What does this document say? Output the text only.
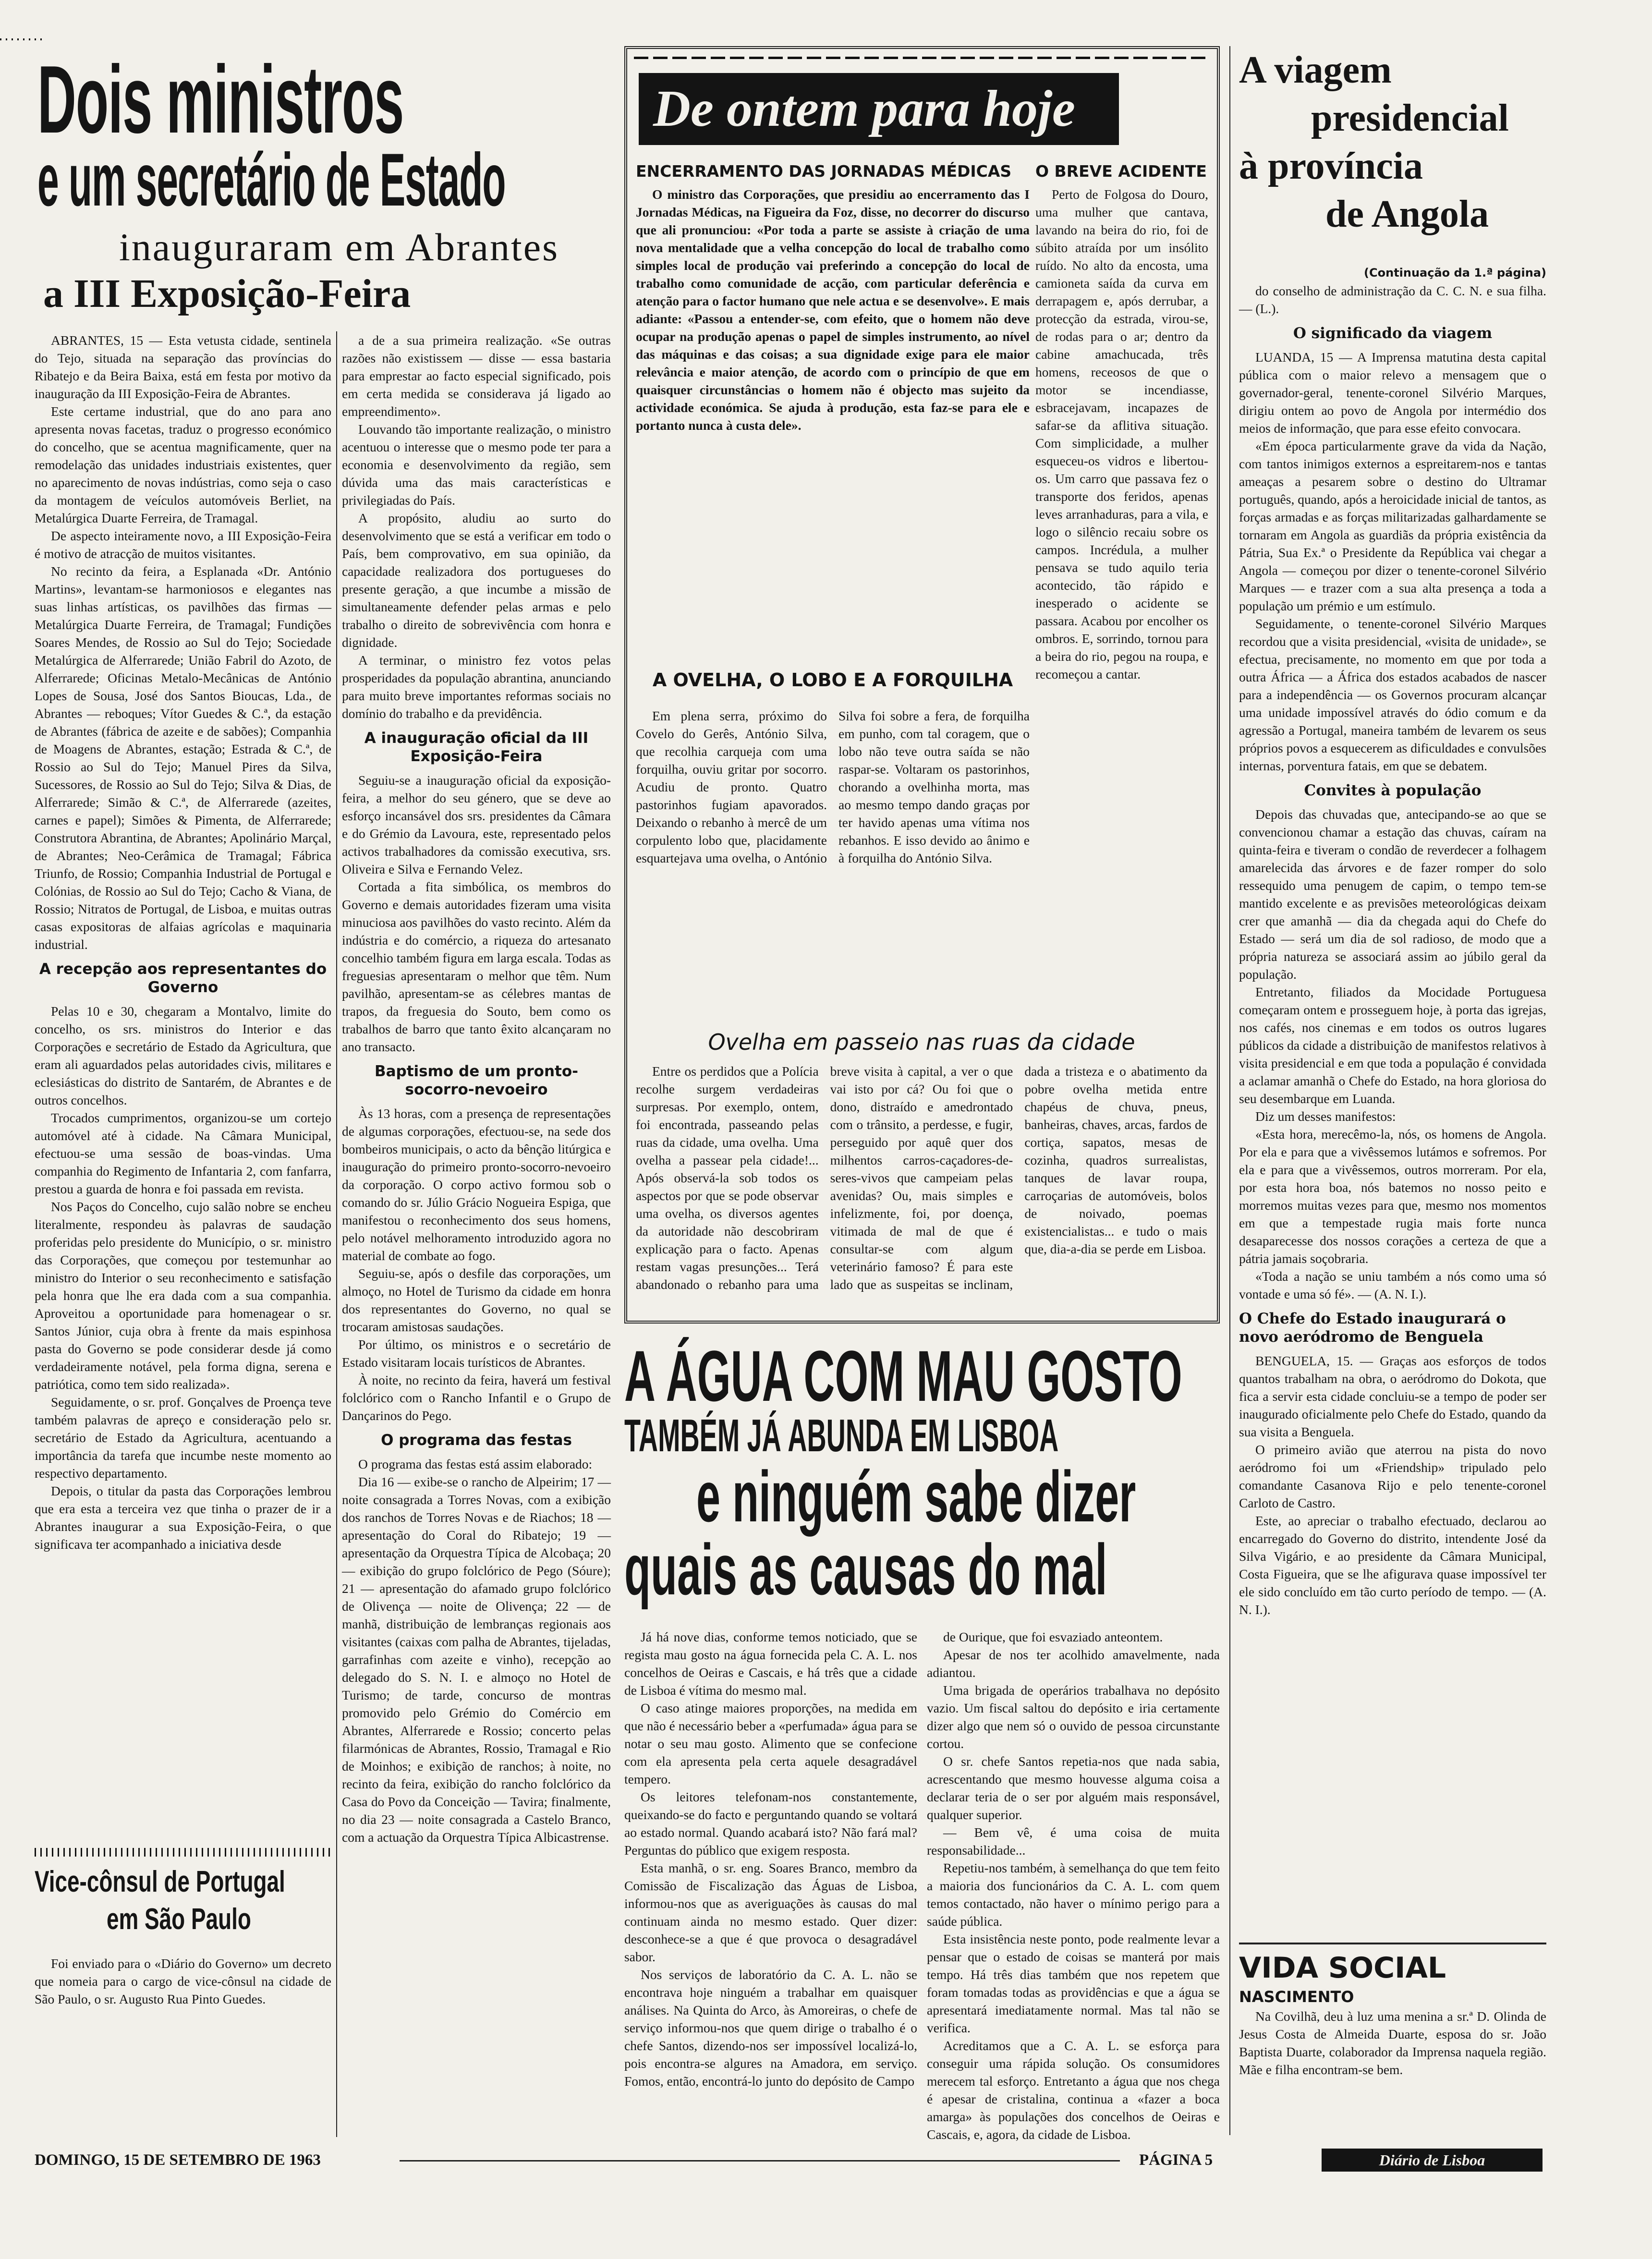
Dois ministros
e um secretário de Estado
inauguraram em Abrantes
a III Exposição-Feira

ABRANTES, 15 — Esta vetusta cidade, sentinela do Tejo, situada na separação das províncias do Ribatejo e da Beira Baixa, está em festa por motivo da inauguração da III Exposição-Feira de Abrantes.

Este certame industrial, que do ano para ano apresenta novas facetas, traduz o progresso económico do concelho, que se acentua magnificamente, quer na remodelação das unidades industriais existentes, quer no aparecimento de novas indústrias, como seja o caso da montagem de veículos automóveis Berliet, na Metalúrgica Duarte Ferreira, de Tramagal.

De aspecto inteiramente novo, a III Exposição-Feira é motivo de atracção de muitos visitantes.

No recinto da feira, a Esplanada «Dr. António Martins», levantam-se harmoniosos e elegantes nas suas linhas artísticas, os pavilhões das firmas — Metalúrgica Duarte Ferreira, de Tramagal; Fundições Soares Mendes, de Rossio ao Sul do Tejo; Sociedade Metalúrgica de Alferrarede; União Fabril do Azoto, de Alferrarede; Oficinas Metalo-Mecânicas de António Lopes de Sousa, José dos Santos Bioucas, Lda., de Abrantes — reboques; Vítor Guedes & C.ª, da estação de Abrantes (fábrica de azeite e de sabões); Companhia de Moagens de Abrantes, estação; Estrada & C.ª, de Rossio ao Sul do Tejo; Manuel Pires da Silva, Sucessores, de Rossio ao Sul do Tejo; Silva & Dias, de Alferrarede; Simão & C.ª, de Alferrarede (azeites, carnes e papel); Simões & Pimenta, de Alferrarede; Construtora Abrantina, de Abrantes; Apolinário Marçal, de Abrantes; Neo-Cerâmica de Tramagal; Fábrica Triunfo, de Rossio; Companhia Industrial de Portugal e Colónias, de Rossio ao Sul do Tejo; Cacho & Viana, de Rossio; Nitratos de Portugal, de Lisboa, e muitas outras casas expositoras de alfaias agrícolas e maquinaria industrial.

A recepção aos representantes do Governo

Pelas 10 e 30, chegaram a Montalvo, limite do concelho, os srs. ministros do Interior e das Corporações e secretário de Estado da Agricultura, que eram ali aguardados pelas autoridades civis, militares e eclesiásticas do distrito de Santarém, de Abrantes e de outros concelhos.

Trocados cumprimentos, organizou-se um cortejo automóvel até à cidade. Na Câmara Municipal, efectuou-se uma sessão de boas-vindas. Uma companhia do Regimento de Infantaria 2, com fanfarra, prestou a guarda de honra e foi passada em revista.

Nos Paços do Concelho, cujo salão nobre se encheu literalmente, respondeu às palavras de saudação proferidas pelo presidente do Município, o sr. ministro das Corporações, que começou por testemunhar ao ministro do Interior o seu reconhecimento e satisfação pela honra que lhe era dada com a sua companhia. Aproveitou a oportunidade para homenagear o sr. Santos Júnior, cuja obra à frente da mais espinhosa pasta do Governo se pode considerar desde já como verdadeiramente notável, pela forma digna, serena e patriótica, como tem sido realizada».

Seguidamente, o sr. prof. Gonçalves de Proença teve também palavras de apreço e consideração pelo sr. secretário de Estado da Agricultura, acentuando a importância da tarefa que incumbe neste momento ao respectivo departamento.

Depois, o titular da pasta das Corporações lembrou que era esta a terceira vez que tinha o prazer de ir a Abrantes inaugurar a sua Exposição-Feira, o que significava ter acompanhado a iniciativa desde

a de a sua primeira realização. «Se outras razões não existissem — disse — essa bastaria para emprestar ao facto especial significado, pois em certa medida se considerava já ligado ao empreendimento».

Louvando tão importante realização, o ministro acentuou o interesse que o mesmo pode ter para a economia e desenvolvimento da região, sem dúvida uma das mais características e privilegiadas do País.

A propósito, aludiu ao surto do desenvolvimento que se está a verificar em todo o País, bem comprovativo, em sua opinião, da capacidade realizadora dos portugueses do presente geração, a que incumbe a missão de simultaneamente defender pelas armas e pelo trabalho o direito de sobrevivência com honra e dignidade.

A terminar, o ministro fez votos pelas prosperidades da população abrantina, anunciando para muito breve importantes reformas sociais no domínio do trabalho e da previdência.

A inauguração oficial da III Exposição-Feira

Seguiu-se a inauguração oficial da exposição-feira, a melhor do seu género, que se deve ao esforço incansável dos srs. presidentes da Câmara e do Grémio da Lavoura, este, representado pelos activos trabalhadores da comissão executiva, srs. Oliveira e Silva e Fernando Velez.

Cortada a fita simbólica, os membros do Governo e demais autoridades fizeram uma visita minuciosa aos pavilhões do vasto recinto. Além da indústria e do comércio, a riqueza do artesanato concelhio também figura em larga escala. Todas as freguesias apresentaram o melhor que têm. Num pavilhão, apresentam-se as célebres mantas de trapos, da freguesia do Souto, bem como os trabalhos de barro que tanto êxito alcançaram no ano transacto.

Baptismo de um pronto-socorro-nevoeiro

Às 13 horas, com a presença de representações de algumas corporações, efectuou-se, na sede dos bombeiros municipais, o acto da bênção litúrgica e inauguração do primeiro pronto-socorro-nevoeiro da corporação. O corpo activo formou sob o comando do sr. Júlio Grácio Nogueira Espiga, que manifestou o reconhecimento dos seus homens, pelo notável melhoramento introduzido agora no material de combate ao fogo.

Seguiu-se, após o desfile das corporações, um almoço, no Hotel de Turismo da cidade em honra dos representantes do Governo, no qual se trocaram amistosas saudações.

Por último, os ministros e o secretário de Estado visitaram locais turísticos de Abrantes.

À noite, no recinto da feira, haverá um festival folclórico com o Rancho Infantil e o Grupo de Dançarinos do Pego.

O programa das festas

O programa das festas está assim elaborado:

Dia 16 — exibe-se o rancho de Alpeirim; 17 — noite consagrada a Torres Novas, com a exibição dos ranchos de Torres Novas e de Riachos; 18 — apresentação do Coral do Ribatejo; 19 — apresentação da Orquestra Típica de Alcobaça; 20 — exibição do grupo folclórico de Pego (Sóure); 21 — apresentação do afamado grupo folclórico de Olivença — noite de Olivença; 22 — de manhã, distribuição de lembranças regionais aos visitantes (caixas com palha de Abrantes, tijeladas, garrafinhas com azeite e vinho), recepção ao delegado do S. N. I. e almoço no Hotel de Turismo; de tarde, concurso de montras promovido pelo Grémio do Comércio em Abrantes, Alferrarede e Rossio; concerto pelas filarmónicas de Abrantes, Rossio, Tramagal e Rio de Moinhos; e exibição de ranchos; à noite, no recinto da feira, exibição do rancho folclórico da Casa do Povo da Conceição — Tavira; finalmente, no dia 23 — noite consagrada a Castelo Branco, com a actuação da Orquestra Típica Albicastrense.

Vice-cônsul de Portugal
em São Paulo

Foi enviado para o «Diário do Governo» um decreto que nomeia para o cargo de vice-cônsul na cidade de São Paulo, o sr. Augusto Rua Pinto Guedes.

De ontem para hoje
ENCERRAMENTO DAS JORNADAS MÉDICAS
O ministro das Corporações, que presidiu ao encerramento das I Jornadas Médicas, na Figueira da Foz, disse, no decorrer do discurso que ali pronunciou: «Por toda a parte se assiste à criação de uma nova mentalidade que a velha concepção do local de trabalho como simples local de produção vai preferindo a concepção do local de trabalho como comunidade de acção, com particular deferência e atenção para o factor humano que nele actua e se desenvolve». E mais adiante: «Passou a entender-se, com efeito, que o homem não deve ocupar na produção apenas o papel de simples instrumento, ao nível das máquinas e das coisas; a sua dignidade exige para ele maior relevância e maior atenção, de acordo com o princípio de que em quaisquer circunstâncias o homem não é objecto mas sujeito da actividade económica. Se ajuda à produção, esta faz-se para ele e portanto nunca à custa dele».
O BREVE ACIDENTE
Perto de Folgosa do Douro, uma mulher que cantava, lavando na beira do rio, foi de súbito atraída por um insólito ruído. No alto da encosta, uma camioneta saída da curva em derrapagem e, após derrubar, a protecção da estrada, virou-se, de rodas para o ar; dentro da cabine amachucada, três homens, receosos de que o motor se incendiasse, esbracejavam, incapazes de safar-se da aflitiva situação. Com simplicidade, a mulher esqueceu-os vidros e libertou-os. Um carro que passava fez o transporte dos feridos, apenas leves arranhaduras, para a vila, e logo o silêncio recaiu sobre os campos. Incrédula, a mulher pensava se tudo aquilo teria acontecido, tão rápido e inesperado o acidente se passara. Acabou por encolher os ombros. E, sorrindo, tornou para a beira do rio, pegou na roupa, e recomeçou a cantar.
A OVELHA, O LOBO E A FORQUILHA
Em plena serra, próximo do Covelo do Gerês, António Silva, que recolhia carqueja com uma forquilha, ouviu gritar por socorro. Acudiu de pronto. Quatro pastorinhos fugiam apavorados. Deixando o rebanho à mercê de um corpulento lobo que, placidamente esquartejava uma ovelha, o António Silva foi sobre a fera, de forquilha em punho, com tal coragem, que o lobo não teve outra saída se não raspar-se. Voltaram os pastorinhos, chorando a ovelhinha morta, mas ao mesmo tempo dando graças por ter havido apenas uma vítima nos rebanhos. E isso devido ao ânimo e à forquilha do António Silva.
Ovelha em passeio nas ruas da cidade
Entre os perdidos que a Polícia recolhe surgem verdadeiras surpresas. Por exemplo, ontem, foi encontrada, passeando pelas ruas da cidade, uma ovelha. Uma ovelha a passear pela cidade!... Após observá-la sob todos os aspectos por que se pode observar uma ovelha, os diversos agentes da autoridade não descobriram explicação para o facto. Apenas restam vagas presunções... Terá abandonado o rebanho para uma breve visita à capital, a ver o que vai isto por cá? Ou foi que o dono, distraído e amedrontado com o trânsito, a perdesse, e fugir, perseguido por aquê quer dos milhentos carros-caçadores-de-seres-vivos que campeiam pelas avenidas? Ou, mais simples e infelizmente, foi, por doença, vitimada de mal de que é consultar-se com algum veterinário famoso? É para este lado que as suspeitas se inclinam, dada a tristeza e o abatimento da pobre ovelha metida entre chapéus de chuva, pneus, banheiras, chaves, arcas, fardos de cortiça, sapatos, mesas de cozinha, quadros surrealistas, tanques de lavar roupa, carroçarias de automóveis, bolos de noivado, poemas existencialistas... e tudo o mais que, dia-a-dia se perde em Lisboa.
A ÁGUA COM MAU GOSTO
TAMBÉM JÁ ABUNDA EM LISBOA
e ninguém sabe dizer
quais as causas do mal

Já há nove dias, conforme temos noticiado, que se regista mau gosto na água fornecida pela C. A. L. nos concelhos de Oeiras e Cascais, e há três que a cidade de Lisboa é vítima do mesmo mal.

O caso atinge maiores proporções, na medida em que não é necessário beber a «perfumada» água para se notar o seu mau gosto. Alimento que se confecione com ela apresenta pela certa aquele desagradável tempero.

Os leitores telefonam-nos constantemente, queixando-se do facto e perguntando quando se voltará ao estado normal. Quando acabará isto? Não fará mal? Perguntas do público que exigem resposta.

Esta manhã, o sr. eng. Soares Branco, membro da Comissão de Fiscalização das Águas de Lisboa, informou-nos que as averiguações às causas do mal continuam ainda no mesmo estado. Quer dizer: desconhece-se a que é que provoca o desagradável sabor.

Nos serviços de laboratório da C. A. L. não se encontrava hoje ninguém a trabalhar em quaisquer análises. Na Quinta do Arco, às Amoreiras, o chefe de serviço informou-nos que quem dirige o trabalho é o chefe Santos, dizendo-nos ser impossível localizá-lo, pois encontra-se algures na Amadora, em serviço. Fomos, então, encontrá-lo junto do depósito de Campo

de Ourique, que foi esvaziado anteontem.

Apesar de nos ter acolhido amavelmente, nada adiantou.

Uma brigada de operários trabalhava no depósito vazio. Um fiscal saltou do depósito e iria certamente dizer algo que nem só o ouvido de pessoa circunstante cortou.

O sr. chefe Santos repetia-nos que nada sabia, acrescentando que mesmo houvesse alguma coisa a declarar teria de o ser por alguém mais responsável, qualquer superior.

— Bem vê, é uma coisa de muita responsabilidade...

Repetiu-nos também, à semelhança do que tem feito a maioria dos funcionários da C. A. L. com quem temos contactado, não haver o mínimo perigo para a saúde pública.

Esta insistência neste ponto, pode realmente levar a pensar que o estado de coisas se manterá por mais tempo. Há três dias também que nos repetem que foram tomadas todas as providências e que a água se apresentará imediatamente normal. Mas tal não se verifica.

Acreditamos que a C. A. L. se esforça para conseguir uma rápida solução. Os consumidores merecem tal esforço. Entretanto a água que nos chega é apesar de cristalina, continua a «fazer a boca amarga» às populações dos concelhos de Oeiras e Cascais, e, agora, da cidade de Lisboa.

A viagem
presidencial
à província
de Angola
(Continuação da 1.ª página)

do conselho de administração da C. C. N. e sua filha. — (L.).

O significado da viagem

LUANDA, 15 — A Imprensa matutina desta capital pública com o maior relevo a mensagem que o governador-geral, tenente-coronel Silvério Marques, dirigiu ontem ao povo de Angola por intermédio dos meios de informação, que para esse efeito convocara.

«Em época particularmente grave da vida da Nação, com tantos inimigos externos a espreitarem-nos e tantas ameaças a pesarem sobre o destino do Ultramar português, quando, após a heroicidade inicial de tantos, as forças armadas e as forças militarizadas galhardamente se tornaram em Angola as guardiãs da própria existência da Pátria, Sua Ex.ª o Presidente da República vai chegar a Angola — começou por dizer o tenente-coronel Silvério Marques — e trazer com a sua alta presença a toda a população um prémio e um estímulo.

Seguidamente, o tenente-coronel Silvério Marques recordou que a visita presidencial, «visita de unidade», se efectua, precisamente, no momento em que por toda a outra África — a África dos estados acabados de nascer para a independência — os Governos procuram alcançar uma unidade impossível através do ódio comum e da agressão a Portugal, maneira também de levarem os seus próprios povos a esquecerem as dificuldades e convulsões internas, porventura fatais, em que se debatem.

Convites à população

Depois das chuvadas que, antecipando-se ao que se convencionou chamar a estação das chuvas, caíram na quinta-feira e tiveram o condão de reverdecer a folhagem amarelecida das árvores e de fazer romper do solo ressequido uma penugem de capim, o tempo tem-se mantido excelente e as previsões meteorológicas deixam crer que amanhã — dia da chegada aqui do Chefe do Estado — será um dia de sol radioso, de modo que a própria natureza se associará assim ao júbilo geral da população.

Entretanto, filiados da Mocidade Portuguesa começaram ontem e prosseguem hoje, à porta das igrejas, nos cafés, nos cinemas e em todos os outros lugares públicos da cidade a distribuição de manifestos relativos à visita presidencial e em que toda a população é convidada a aclamar amanhã o Chefe do Estado, na hora gloriosa do seu desembarque em Luanda.

Diz um desses manifestos:

«Esta hora, merecêmo-la, nós, os homens de Angola. Por ela e para que a vivêssemos lutámos e sofremos. Por ela e para que a vivêssemos, outros morreram. Por ela, por esta hora boa, nós batemos no nosso peito e morremos muitas vezes para que, mesmo nos momentos em que a tempestade rugia mais forte nunca desaparecesse dos nossos corações a certeza de que a pátria jamais soçobraria.

«Toda a nação se uniu também a nós como uma só vontade e uma só fé». — (A. N. I.).

O Chefe do Estado inaugurará o novo aeródromo de Benguela

BENGUELA, 15. — Graças aos esforços de todos quantos trabalham na obra, o aeródromo do Dokota, que fica a servir esta cidade concluiu-se a tempo de poder ser inaugurado oficialmente pelo Chefe do Estado, quando da sua visita a Benguela.

O primeiro avião que aterrou na pista do novo aeródromo foi um «Friendship» tripulado pelo comandante Casanova Rijo e pelo tenente-coronel Carloto de Castro.

Este, ao apreciar o trabalho efectuado, declarou ao encarregado do Governo do distrito, intendente José da Silva Vigário, e ao presidente da Câmara Municipal, Costa Figueira, que se lhe afigurava quase impossível ter ele sido concluído em tão curto período de tempo. — (A. N. I.).

VIDA SOCIAL
NASCIMENTO
Na Covilhã, deu à luz uma menina a sr.ª D. Olinda de Jesus Costa de Almeida Duarte, esposa do sr. João Baptista Duarte, colaborador da Imprensa naquela região. Mãe e filha encontram-se bem.
DOMINGO, 15 DE SETEMBRO DE 1963	PÁGINA 5	Diário de Lisboa
